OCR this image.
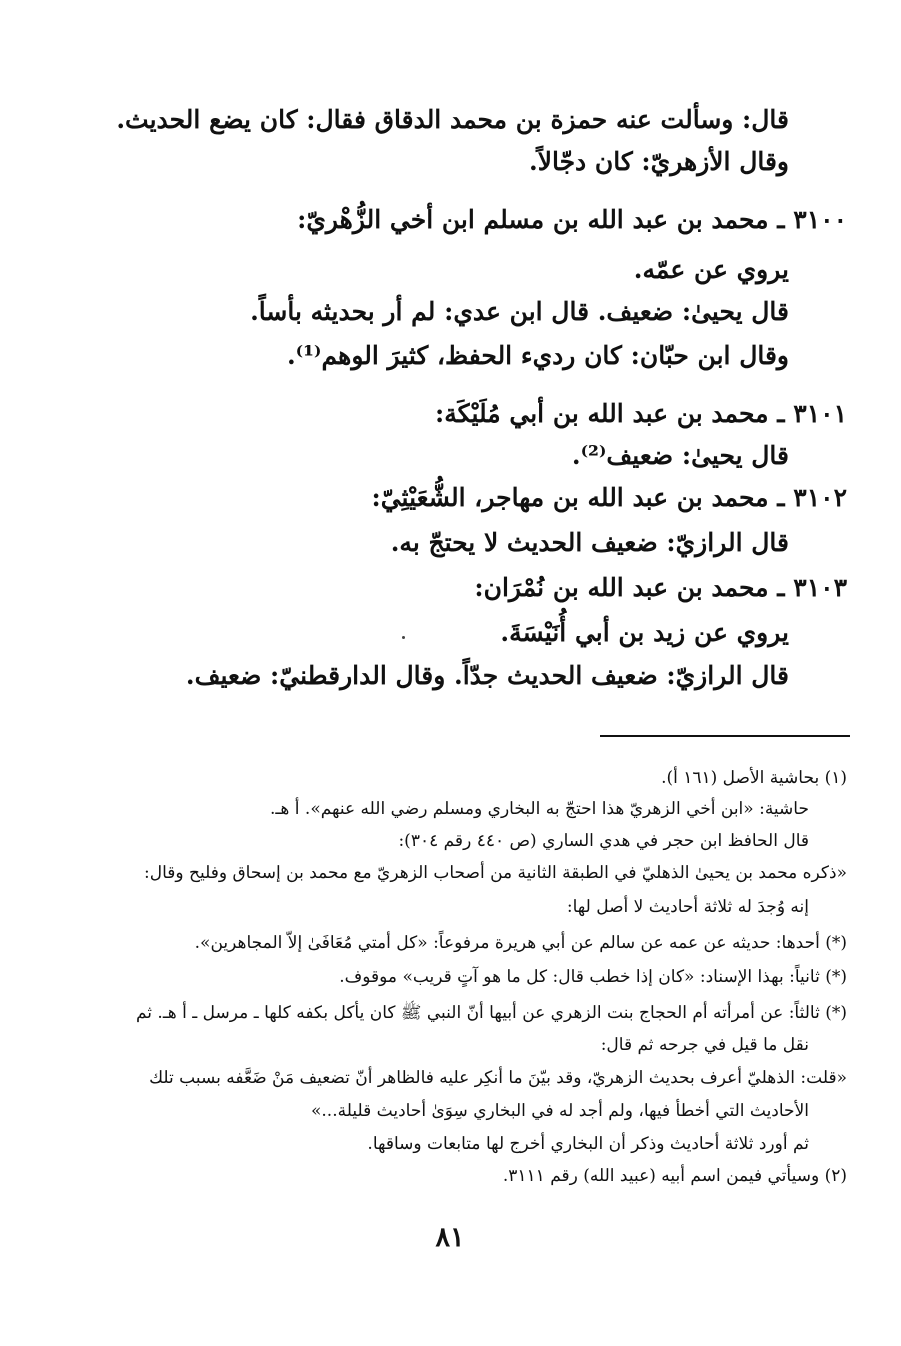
قال: وسألت عنه حمزة بن محمد الدقاق فقال: كان يضع الحديث.
وقال الأزهريّ: كان دجّالاً.
٣١٠٠ ـ محمد بن عبد الله بن مسلم ابن أخي الزُّهْريّ:
يروي عن عمّه.
قال يحيىٰ: ضعيف. قال ابن عدي: لم أر بحديثه بأساً.
وقال ابن حبّان: كان رديء الحفظ، كثيرَ الوهم⁽¹⁾.
٣١٠١ ـ محمد بن عبد الله بن أبي مُلَيْكَة:
قال يحيىٰ: ضعيف⁽²⁾.
٣١٠٢ ـ محمد بن عبد الله بن مهاجر، الشُّعَيْثِيّ:
قال الرازيّ: ضعيف الحديث لا يحتجّ به.
٣١٠٣ ـ محمد بن عبد الله بن نُمْرَان:
يروي عن زيد بن أبي أُنَيْسَةَ.
قال الرازيّ: ضعيف الحديث جدّاً. وقال الدارقطنيّ: ضعيف.
(١) بحاشية الأصل (١٦١ أ).
حاشية: «ابن أخي الزهريّ هذا احتجّ به البخاري ومسلم رضي الله عنهم». أ هـ.
قال الحافظ ابن حجر في هدي الساري (ص ٤٤٠ رقم ٣٠٤):
«ذكره محمد بن يحيىٰ الذهليّ في الطبقة الثانية من أصحاب الزهريّ مع محمد بن إسحاق وفليح وقال:
إنه وُجدَ له ثلاثة أحاديث لا أصل لها:
(*) أحدها: حديثه عن عمه عن سالم عن أبي هريرة مرفوعاً: «كل أمتي مُعَافَىٰ إلاّ المجاهرين».
(*) ثانياً: بهذا الإسناد: «كان إذا خطب قال: كل ما هو آتٍ قريب» موقوف.
(*) ثالثاً: عن أمرأته أم الحجاج بنت الزهري عن أبيها أنّ النبي ﷺ كان يأكل بكفه كلها ـ مرسل ـ أ هـ. ثم
نقل ما قيل في جرحه ثم قال:
«قلت: الذهليّ أعرف بحديث الزهريّ، وقد بيّنَ ما أنكِر عليه فالظاهر أنّ تضعيف مَنْ ضَعَّفه بسبب تلك
الأحاديث التي أخطأ فيها، ولم أجد له في البخاري سِوَىٰ أحاديث قليلة...»
ثم أورد ثلاثة أحاديث وذكر أن البخاري أخرج لها متابعات وساقها.
(٢) وسيأتي فيمن اسم أبيه (عبيد الله) رقم ٣١١١.
٨١
